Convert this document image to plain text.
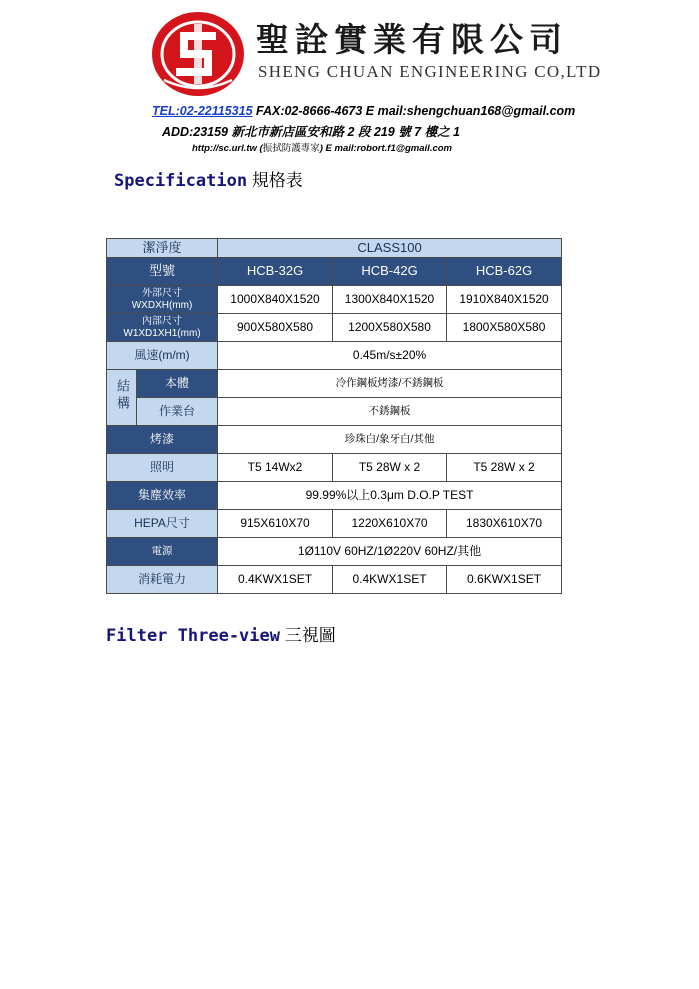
聖詮實業有限公司
SHENG CHUAN ENGINEERING CO,LTD
TEL:02-22115315 FAX:02-8666-4673 E mail:shengchuan168@gmail.com
ADD:23159 新北市新店區安和路 2 段 219 號 7 樓之 1
http://sc.url.tw (振拭防護專家) E mail:robort.f1@gmail.com
Specification 規格表
潔淨度		CLASS100		
型號		HCB-32G	HCB-42G	HCB-62G
外部尺寸
WXDXH(mm)		1000X840X1520	1300X840X1520	1910X840X1520
內部尺寸
W1XD1XH1(mm)		900X580X580	1200X580X580	1800X580X580
風速(m/m)		0.45m/s±20%		
結構	本體	冷作鋼板烤漆/不銹鋼板		
	作業台	不銹鋼板		
烤漆		珍珠白/象牙白/其他		
照明		T5 14Wx2	T5 28W x 2	T5 28W x 2
集塵效率		99.99%以上0.3μm D.O.P TEST		
HEPA尺寸		915X610X70	1220X610X70	1830X610X70
電源		1Ø110V 60HZ/1Ø220V 60HZ/其他		
消耗電力		0.4KWX1SET	0.4KWX1SET	0.6KWX1SET
Filter Three-view 三視圖
